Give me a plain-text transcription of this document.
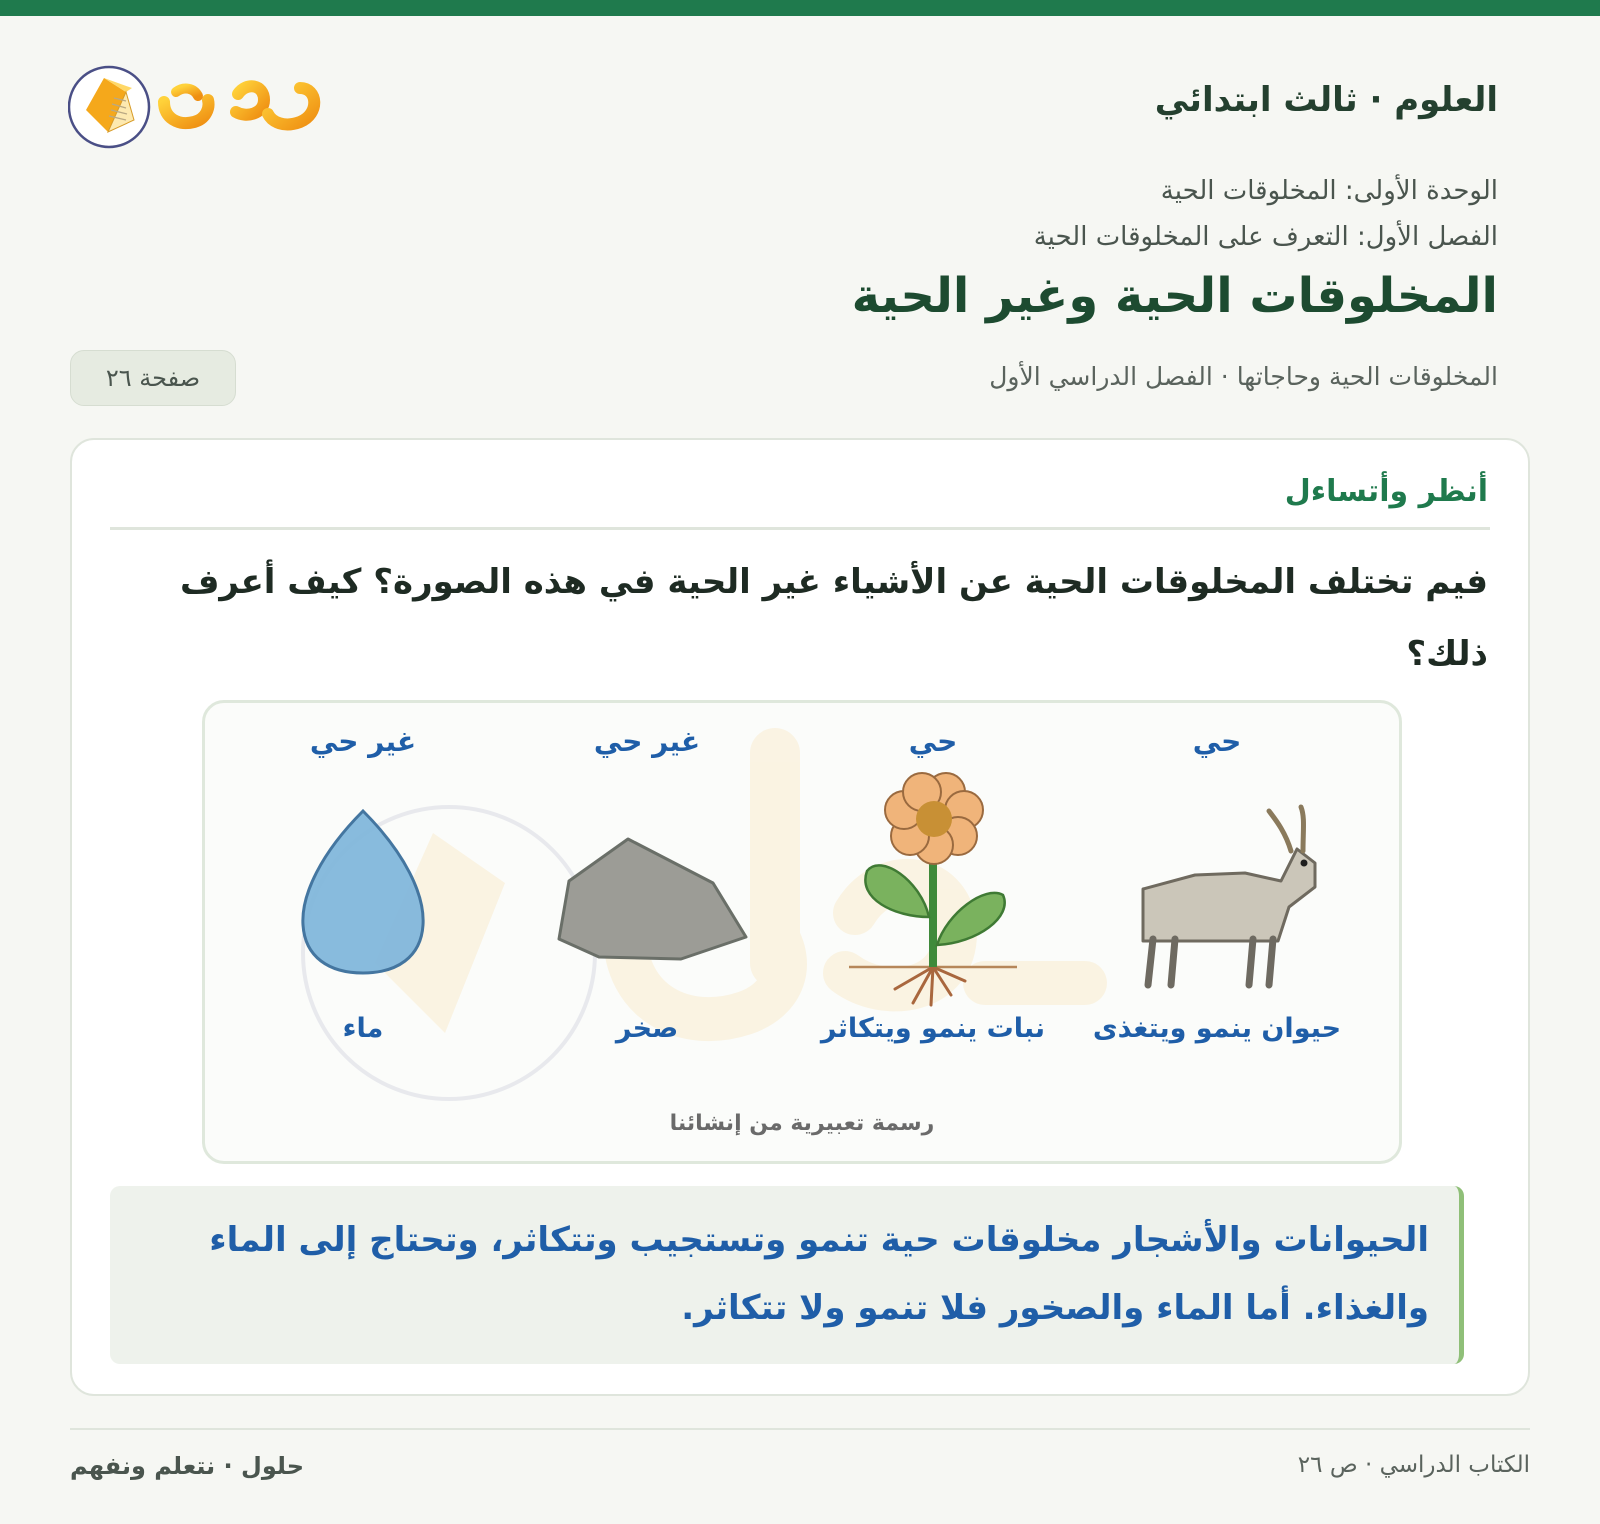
العلوم · ثالث ابتدائي
الوحدة الأولى: المخلوقات الحية
الفصل الأول: التعرف على المخلوقات الحية
المخلوقات الحية وغير الحية
المخلوقات الحية وحاجاتها · الفصل الدراسي الأول
صفحة ٢٦
أنظر وأتساءل
فيم تختلف المخلوقات الحية عن الأشياء غير الحية في هذه الصورة؟ كيف أعرف ذلك؟
حي
حي
غير حي
غير حي
حيوان ينمو ويتغذى
نبات ينمو ويتكاثر
صخر
ماء
رسمة تعبيرية من إنشائنا
الحيوانات والأشجار مخلوقات حية تنمو وتستجيب وتتكاثر، وتحتاج إلى الماء والغذاء. أما الماء والصخور فلا تنمو ولا تتكاثر.
الكتاب الدراسي · ص ٢٦
حلول · نتعلم ونفهم
